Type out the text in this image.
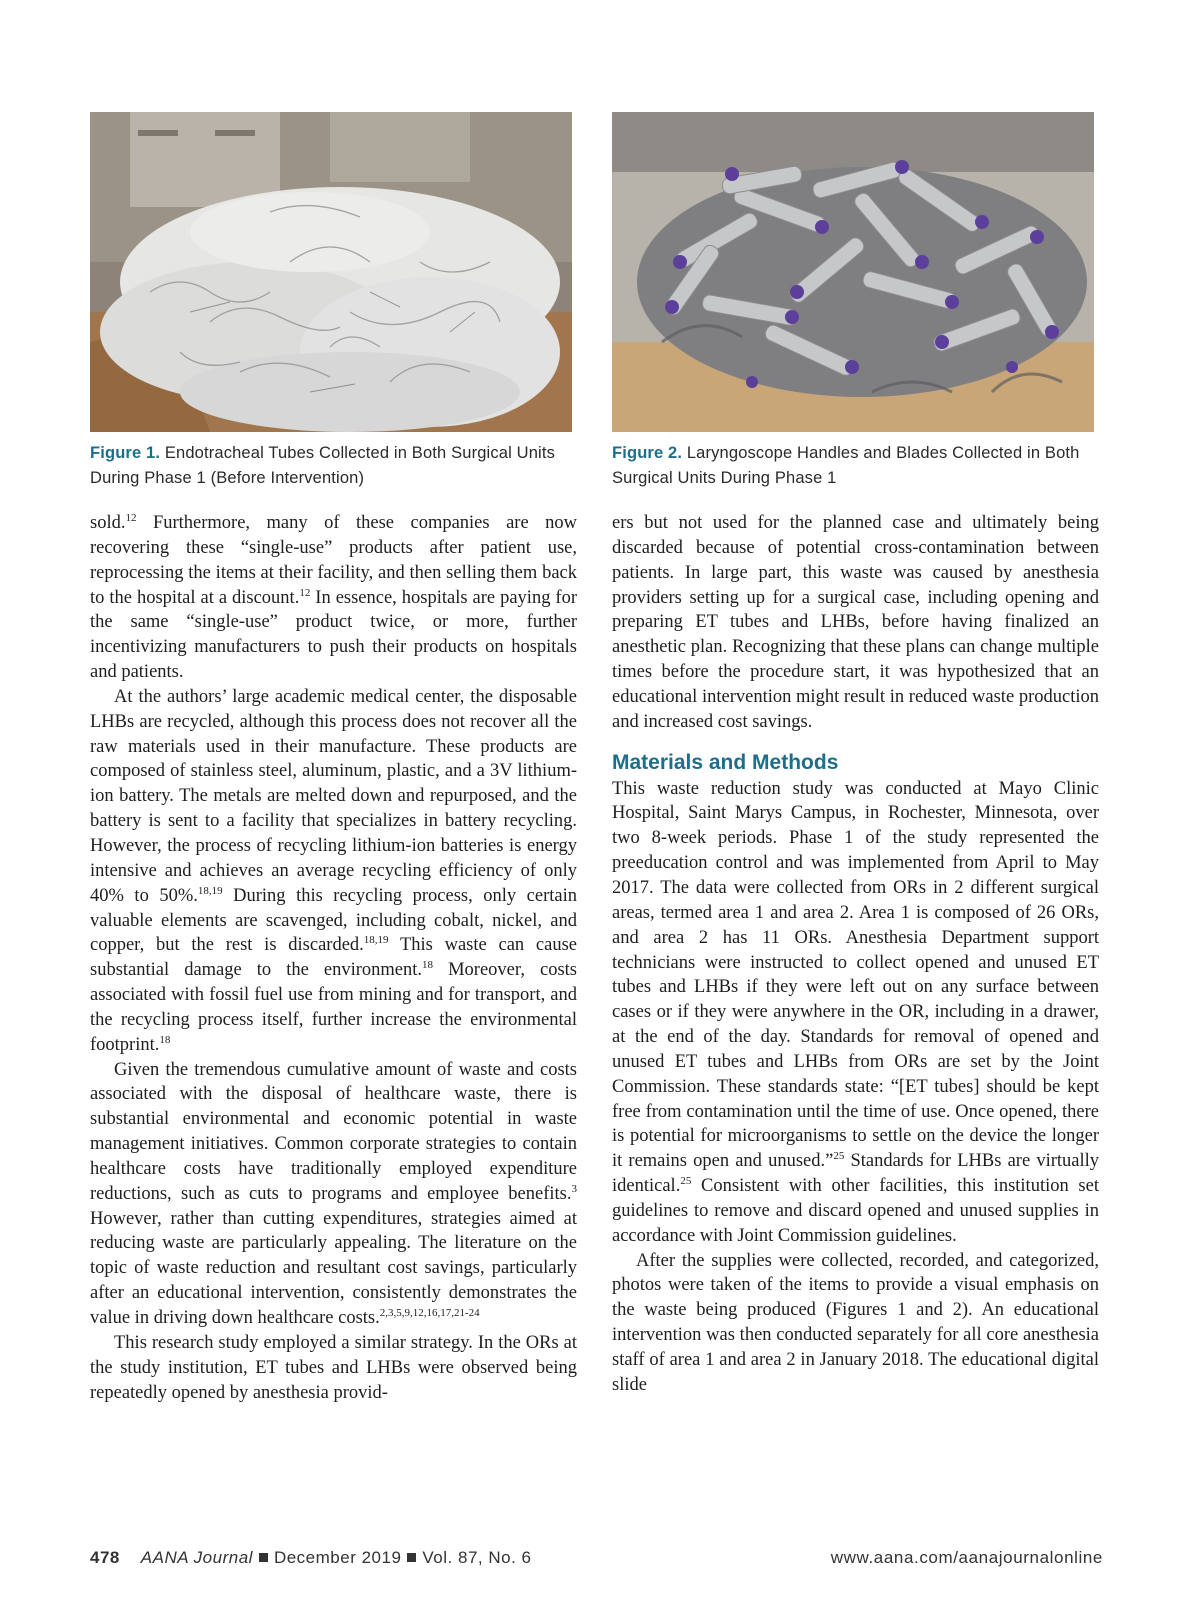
Figure 1. Endotracheal Tubes Collected in Both Surgical Units During Phase 1 (Before Intervention)
Figure 2. Laryngoscope Handles and Blades Collected in Both Surgical Units During Phase 1

sold.$^{12}$ Furthermore, many of these companies are now recovering these “single-use” products after patient use, reprocessing the items at their facility, and then selling them back to the hospital at a discount.$^{12}$ In essence, hospitals are paying for the same “single-use” product twice, or more, further incentivizing manufacturers to push their products on hospitals and patients.

At the authors’ large academic medical center, the disposable LHBs are recycled, although this process does not recover all the raw materials used in their manufacture. These products are composed of stainless steel, aluminum, plastic, and a 3V lithium-ion battery. The metals are melted down and repurposed, and the battery is sent to a facility that specializes in battery recycling. However, the process of recycling lithium-ion batteries is energy intensive and achieves an average recycling efficiency of only 40% to 50%.$^{18,19}$ During this recycling process, only certain valuable elements are scavenged, including cobalt, nickel, and copper, but the rest is discarded.$^{18,19}$ This waste can cause substantial damage to the environment.$^{18}$ Moreover, costs associated with fossil fuel use from mining and for transport, and the recycling process itself, further increase the environmental footprint.$^{18}$

Given the tremendous cumulative amount of waste and costs associated with the disposal of healthcare waste, there is substantial environmental and economic potential in waste management initiatives. Common corporate strategies to contain healthcare costs have traditionally employed expenditure reductions, such as cuts to programs and employee benefits.$^3$ However, rather than cutting expenditures, strategies aimed at reducing waste are particularly appealing. The literature on the topic of waste reduction and resultant cost savings, particularly after an educational intervention, consistently demonstrates the value in driving down healthcare costs.$^{2,3,5,9,12,16,17,21-24}$

This research study employed a similar strategy. In the ORs at the study institution, ET tubes and LHBs were observed being repeatedly opened by anesthesia provid-

ers but not used for the planned case and ultimately being discarded because of potential cross-contamination between patients. In large part, this waste was caused by anesthesia providers setting up for a surgical case, including opening and preparing ET tubes and LHBs, before having finalized an anesthetic plan. Recognizing that these plans can change multiple times before the procedure start, it was hypothesized that an educational intervention might result in reduced waste production and increased cost savings.

Materials and Methods

This waste reduction study was conducted at Mayo Clinic Hospital, Saint Marys Campus, in Rochester, Minnesota, over two 8-week periods. Phase 1 of the study represented the preeducation control and was implemented from April to May 2017. The data were collected from ORs in 2 different surgical areas, termed area 1 and area 2. Area 1 is composed of 26 ORs, and area 2 has 11 ORs. Anesthesia Department support technicians were instructed to collect opened and unused ET tubes and LHBs if they were left out on any surface between cases or if they were anywhere in the OR, including in a drawer, at the end of the day. Standards for removal of opened and unused ET tubes and LHBs from ORs are set by the Joint Commission. These standards state: “[ET tubes] should be kept free from contamination until the time of use. Once opened, there is potential for microorganisms to settle on the device the longer it remains open and unused.”$^{25}$ Standards for LHBs are virtually identical.$^{25}$ Consistent with other facilities, this institution set guidelines to remove and discard opened and unused supplies in accordance with Joint Commission guidelines.

After the supplies were collected, recorded, and categorized, photos were taken of the items to provide a visual emphasis on the waste being produced (Figures 1 and 2). An educational intervention was then conducted separately for all core anesthesia staff of area 1 and area 2 in January 2018. The educational digital slide

478 AANA Journal December 2019 Vol. 87, No. 6	www.aana.com/aanajournalonline
